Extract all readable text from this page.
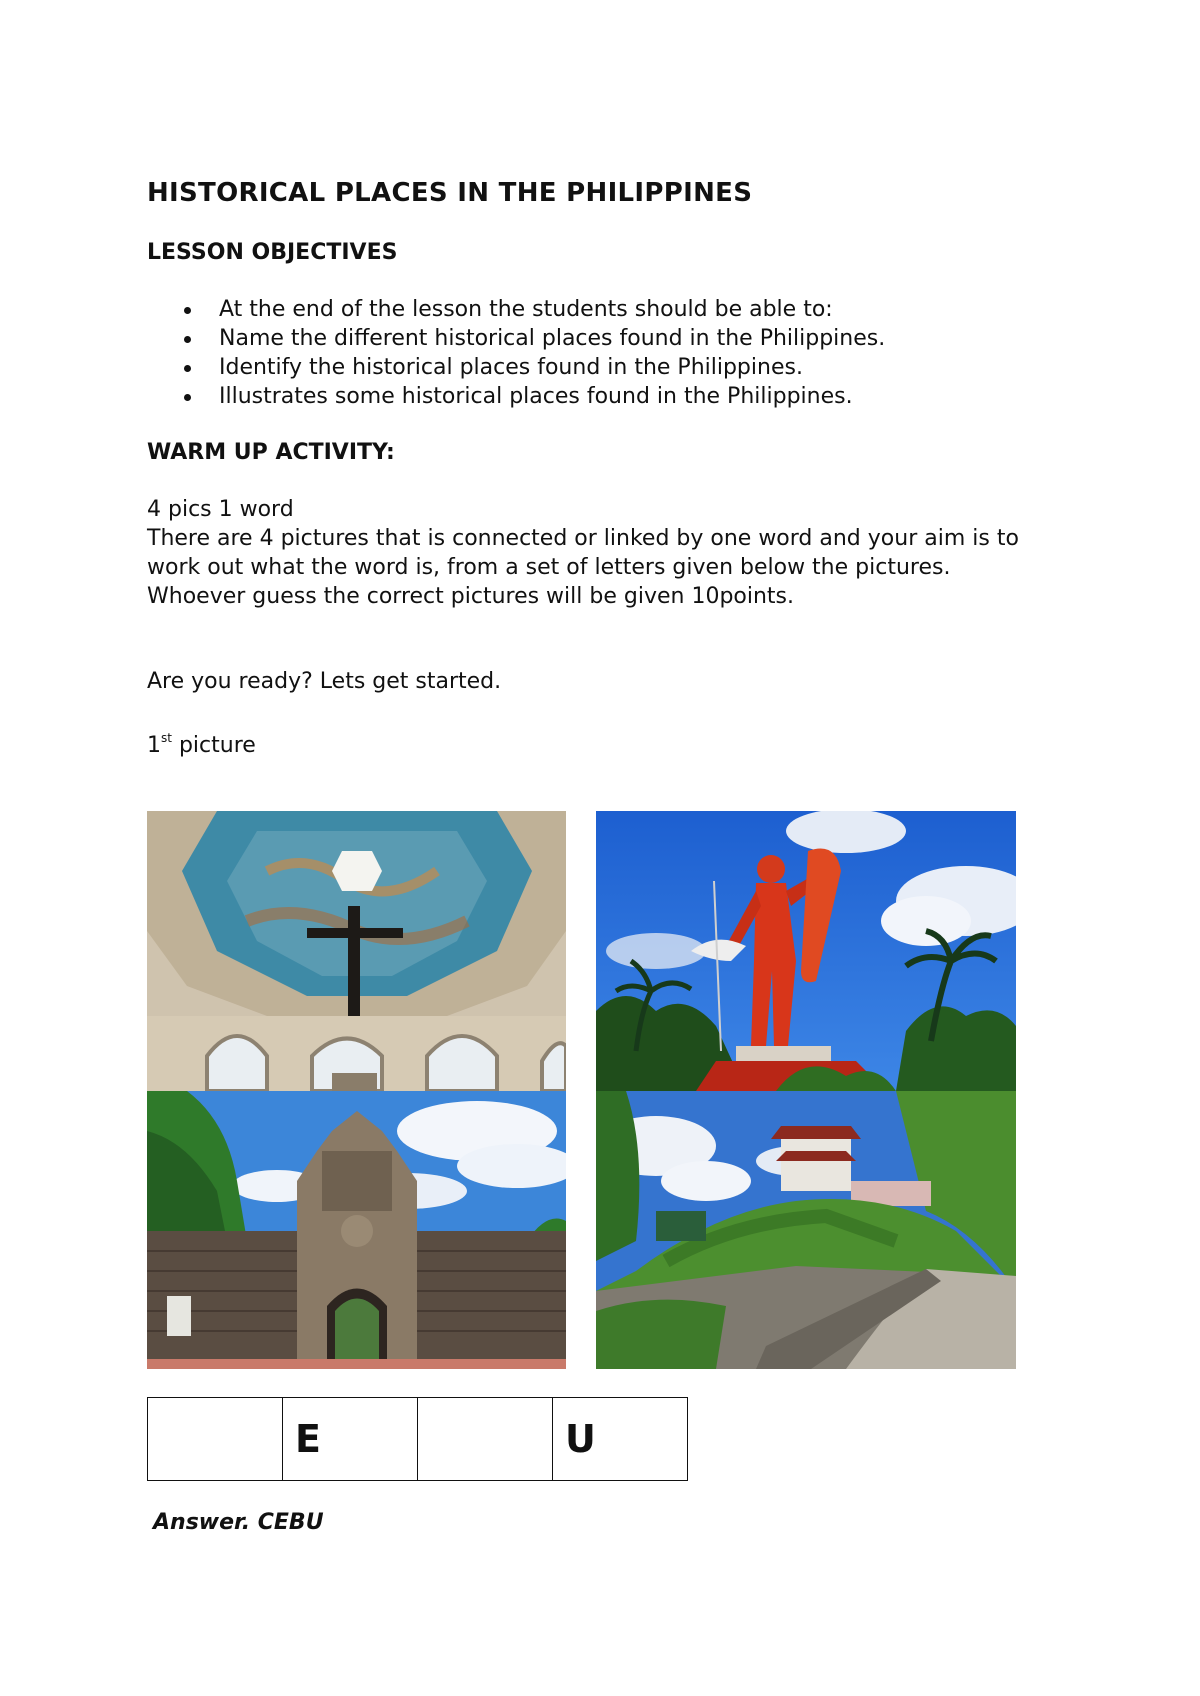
HISTORICAL PLACES IN THE PHILIPPINES
LESSON OBJECTIVES
At the end of the lesson the students should be able to:
Name the different historical places found in the Philippines.
Identify the historical places found in the Philippines.
Illustrates some historical places found in the Philippines.
WARM UP ACTIVITY:
4 pics 1 word
There are 4 pictures that is connected or linked by one word and your aim is to work out what the word is, from a set of letters given below the pictures.
Whoever guess the correct pictures will be given 10points.
Are you ready? Lets get started.
1st picture
	E		U
Answer. CEBU
